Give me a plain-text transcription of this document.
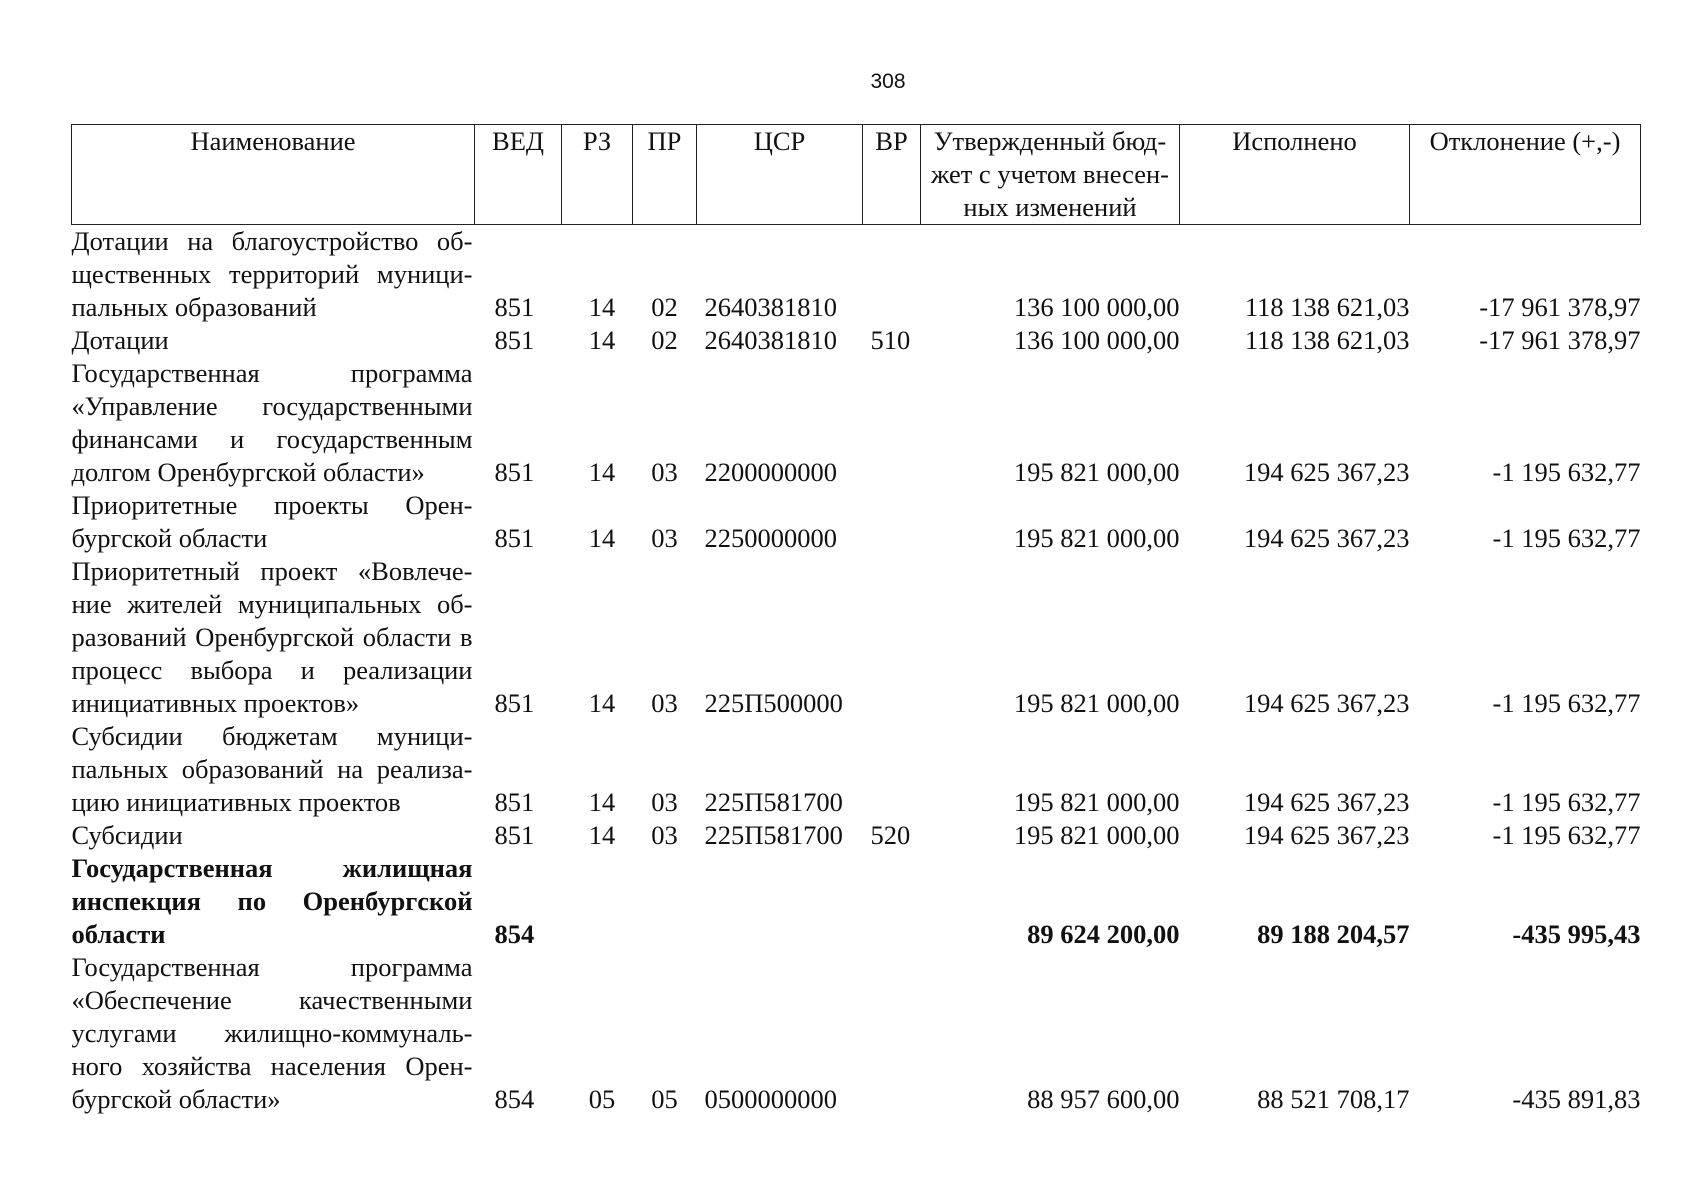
308
Наименование	ВЕД	РЗ	ПР	ЦСР	ВР	Утвержденный бюд-жет с учетом внесен-ных изменений	Исполнено	Отклонение (+,-)
Дотации на благоустройство общественных территорий муниципальных образований	851	14	02	2640381810		136 100 000,00	118 138 621,03	-17 961 378,97
Дотации	851	14	02	2640381810	510	136 100 000,00	118 138 621,03	-17 961 378,97
Государственная программа «Управление государственными финансами и государственным долгом Оренбургской области»	851	14	03	2200000000		195 821 000,00	194 625 367,23	-1 195 632,77
Приоритетные проекты Оренбургской области	851	14	03	2250000000		195 821 000,00	194 625 367,23	-1 195 632,77
Приоритетный проект «Вовлечение жителей муниципальных образований Оренбургской области в процесс выбора и реализации инициативных проектов»	851	14	03	225П500000		195 821 000,00	194 625 367,23	-1 195 632,77
Субсидии бюджетам муниципальных образований на реализацию инициативных проектов	851	14	03	225П581700		195 821 000,00	194 625 367,23	-1 195 632,77
Субсидии	851	14	03	225П581700	520	195 821 000,00	194 625 367,23	-1 195 632,77
Государственная жилищная инспекция по Оренбургской области	854					89 624 200,00	89 188 204,57	-435 995,43
Государственная программа «Обеспечение качественными услугами жилищно-коммунального хозяйства населения Оренбургской области»	854	05	05	0500000000		88 957 600,00	88 521 708,17	-435 891,83
